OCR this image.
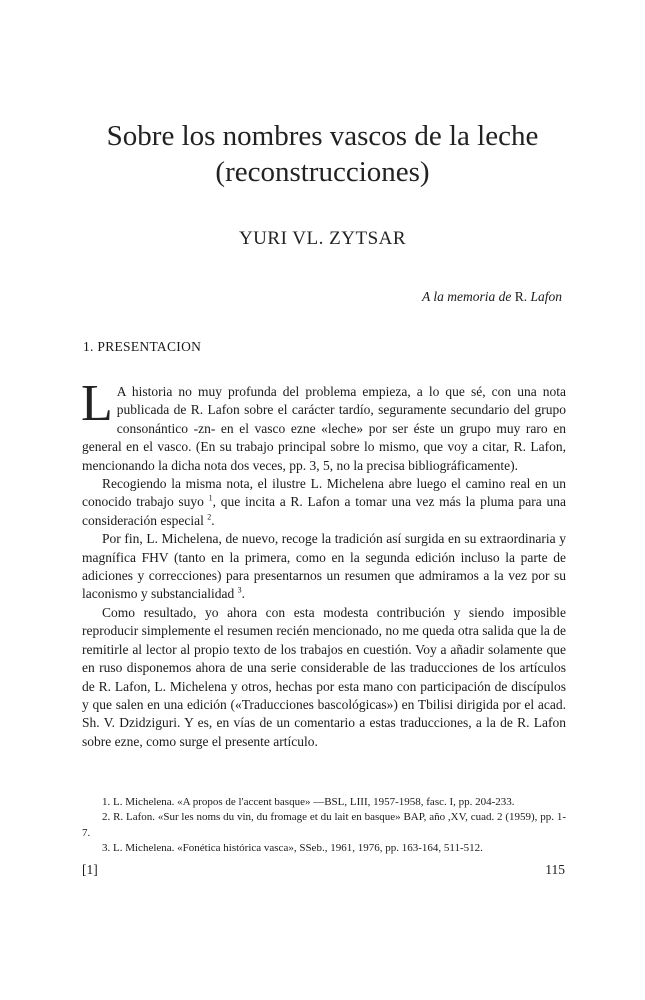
Sobre los nombres vascos de la leche
(reconstrucciones)
YURI VL. ZYTSAR
A la memoria de R. Lafon
1. PRESENTACION

L A historia no muy profunda del problema empieza, a lo que sé, con una nota publicada de R. Lafon sobre el carácter tardío, seguramente secundario del grupo consonántico -zn- en el vasco ezne «leche» por ser éste un grupo muy raro en general en el vasco. (En su trabajo principal sobre lo mismo, que voy a citar, R. Lafon, mencionando la dicha nota dos veces, pp. 3, 5, no la precisa bibliográficamente).

Recogiendo la misma nota, el ilustre L. Michelena abre luego el camino real en un conocido trabajo suyo $^1$, que incita a R. Lafon a tomar una vez más la pluma para una consideración especial $^2$.

Por fin, L. Michelena, de nuevo, recoge la tradición así surgida en su extraordinaria y magnífica FHV (tanto en la primera, como en la segunda edición incluso la parte de adiciones y correcciones) para presentarnos un resumen que admiramos a la vez por su laconismo y substancialidad $^3$.

Como resultado, yo ahora con esta modesta contribución y siendo imposible reproducir simplemente el resumen recién mencionado, no me queda otra salida que la de remitirle al lector al propio texto de los trabajos en cuestión. Voy a añadir solamente que en ruso disponemos ahora de una serie considerable de las traducciones de los artículos de R. Lafon, L. Michelena y otros, hechas por esta mano con participación de discípulos y que salen en una edición («Traducciones bascológicas») en Tbilisi dirigida por el acad. Sh. V. Dzidziguri. Y es, en vías de un comentario a estas traducciones, a la de R. Lafon sobre ezne, como surge el presente artículo.

1. L. Michelena. «A propos de l'accent basque» —BSL, LIII, 1957-1958, fasc. I, pp. 204-233.

2. R. Lafon. «Sur les noms du vin, du fromage et du lait en basque» BAP, año ,XV, cuad. 2 (1959), pp. 1-7.

3. L. Michelena. «Fonética histórica vasca», SSeb., 1961, 1976, pp. 163-164, 511-512.

[1]	115
